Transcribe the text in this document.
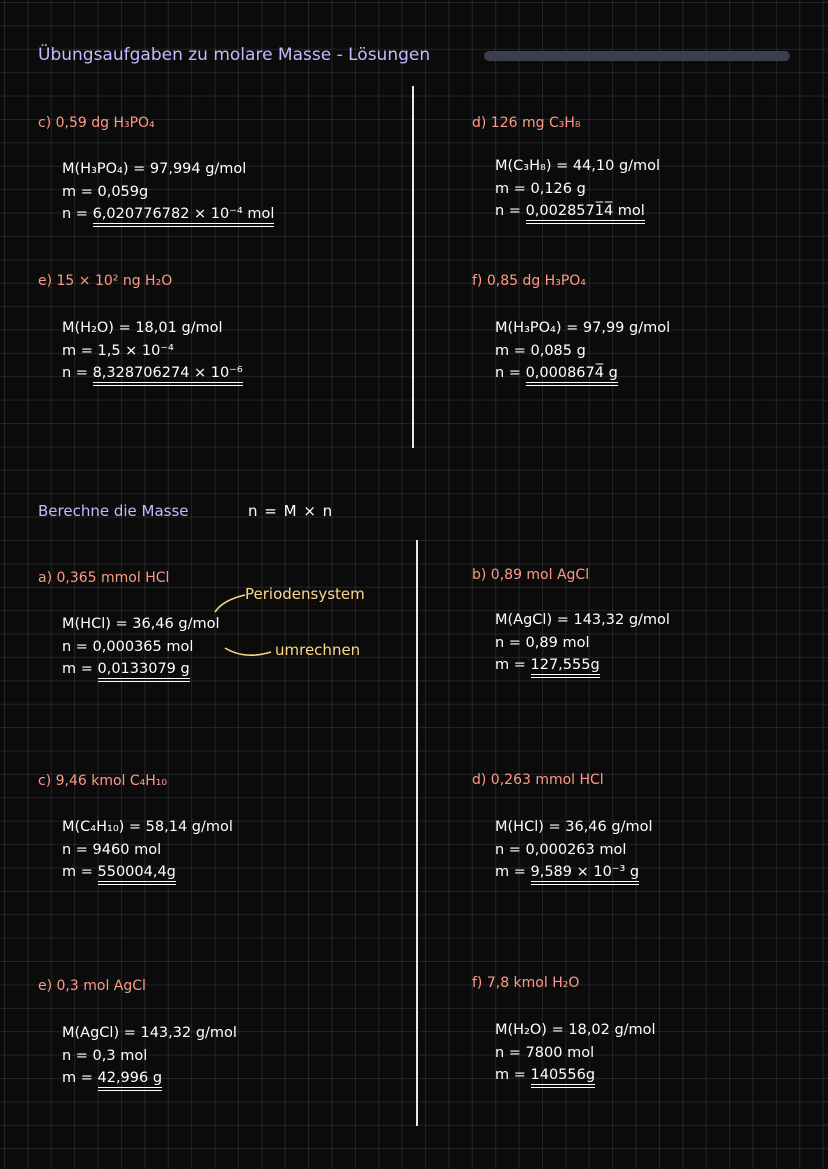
Übungsaufgaben zu molare Masse - Lösungen
c) 0,59 dg H₃PO₄
M(H₃PO₄) = 97,994 g/mol
m = 0,059g
n = 6,0207767​82 × 10⁻⁴ mol
d) 126 mg C₃H₈
M(C₃H₈) = 44,10 g/mol
m = 0,126 g
n = 0,0028571̅4̅ mol
e) 15 × 10² ng H₂O
M(H₂O) = 18,01 g/mol
m = 1,5 × 10⁻⁴
n = 8,328706274 × 10⁻⁶
f) 0,85 dg H₃PO₄
M(H₃PO₄) = 97,99 g/mol
m = 0,085 g
n = 0,00086​74̅ g
Berechne die Masse	n = M × n
a) 0,365 mmol HCl
M(HCl) = 36,46 g/mol
n = 0,000365 mol
m = 0,0133079 g
Periodensystem
umrechnen
b) 0,89 mol AgCl
M(AgCl) = 143,32 g/mol
n = 0,89 mol
m = 127,555g
c) 9,46 kmol C₄H₁₀
M(C₄H₁₀) = 58,14 g/mol
n = 9460 mol
m = 550004,4g
d) 0,263 mmol HCl
M(HCl) = 36,46 g/mol
n = 0,000263 mol
m = 9,589 × 10⁻³ g
e) 0,3 mol AgCl
M(AgCl) = 143,32 g/mol
n = 0,3 mol
m = 42,996 g
f) 7,8 kmol H₂O
M(H₂O) = 18,02 g/mol
n = 7800 mol
m = 140556g
